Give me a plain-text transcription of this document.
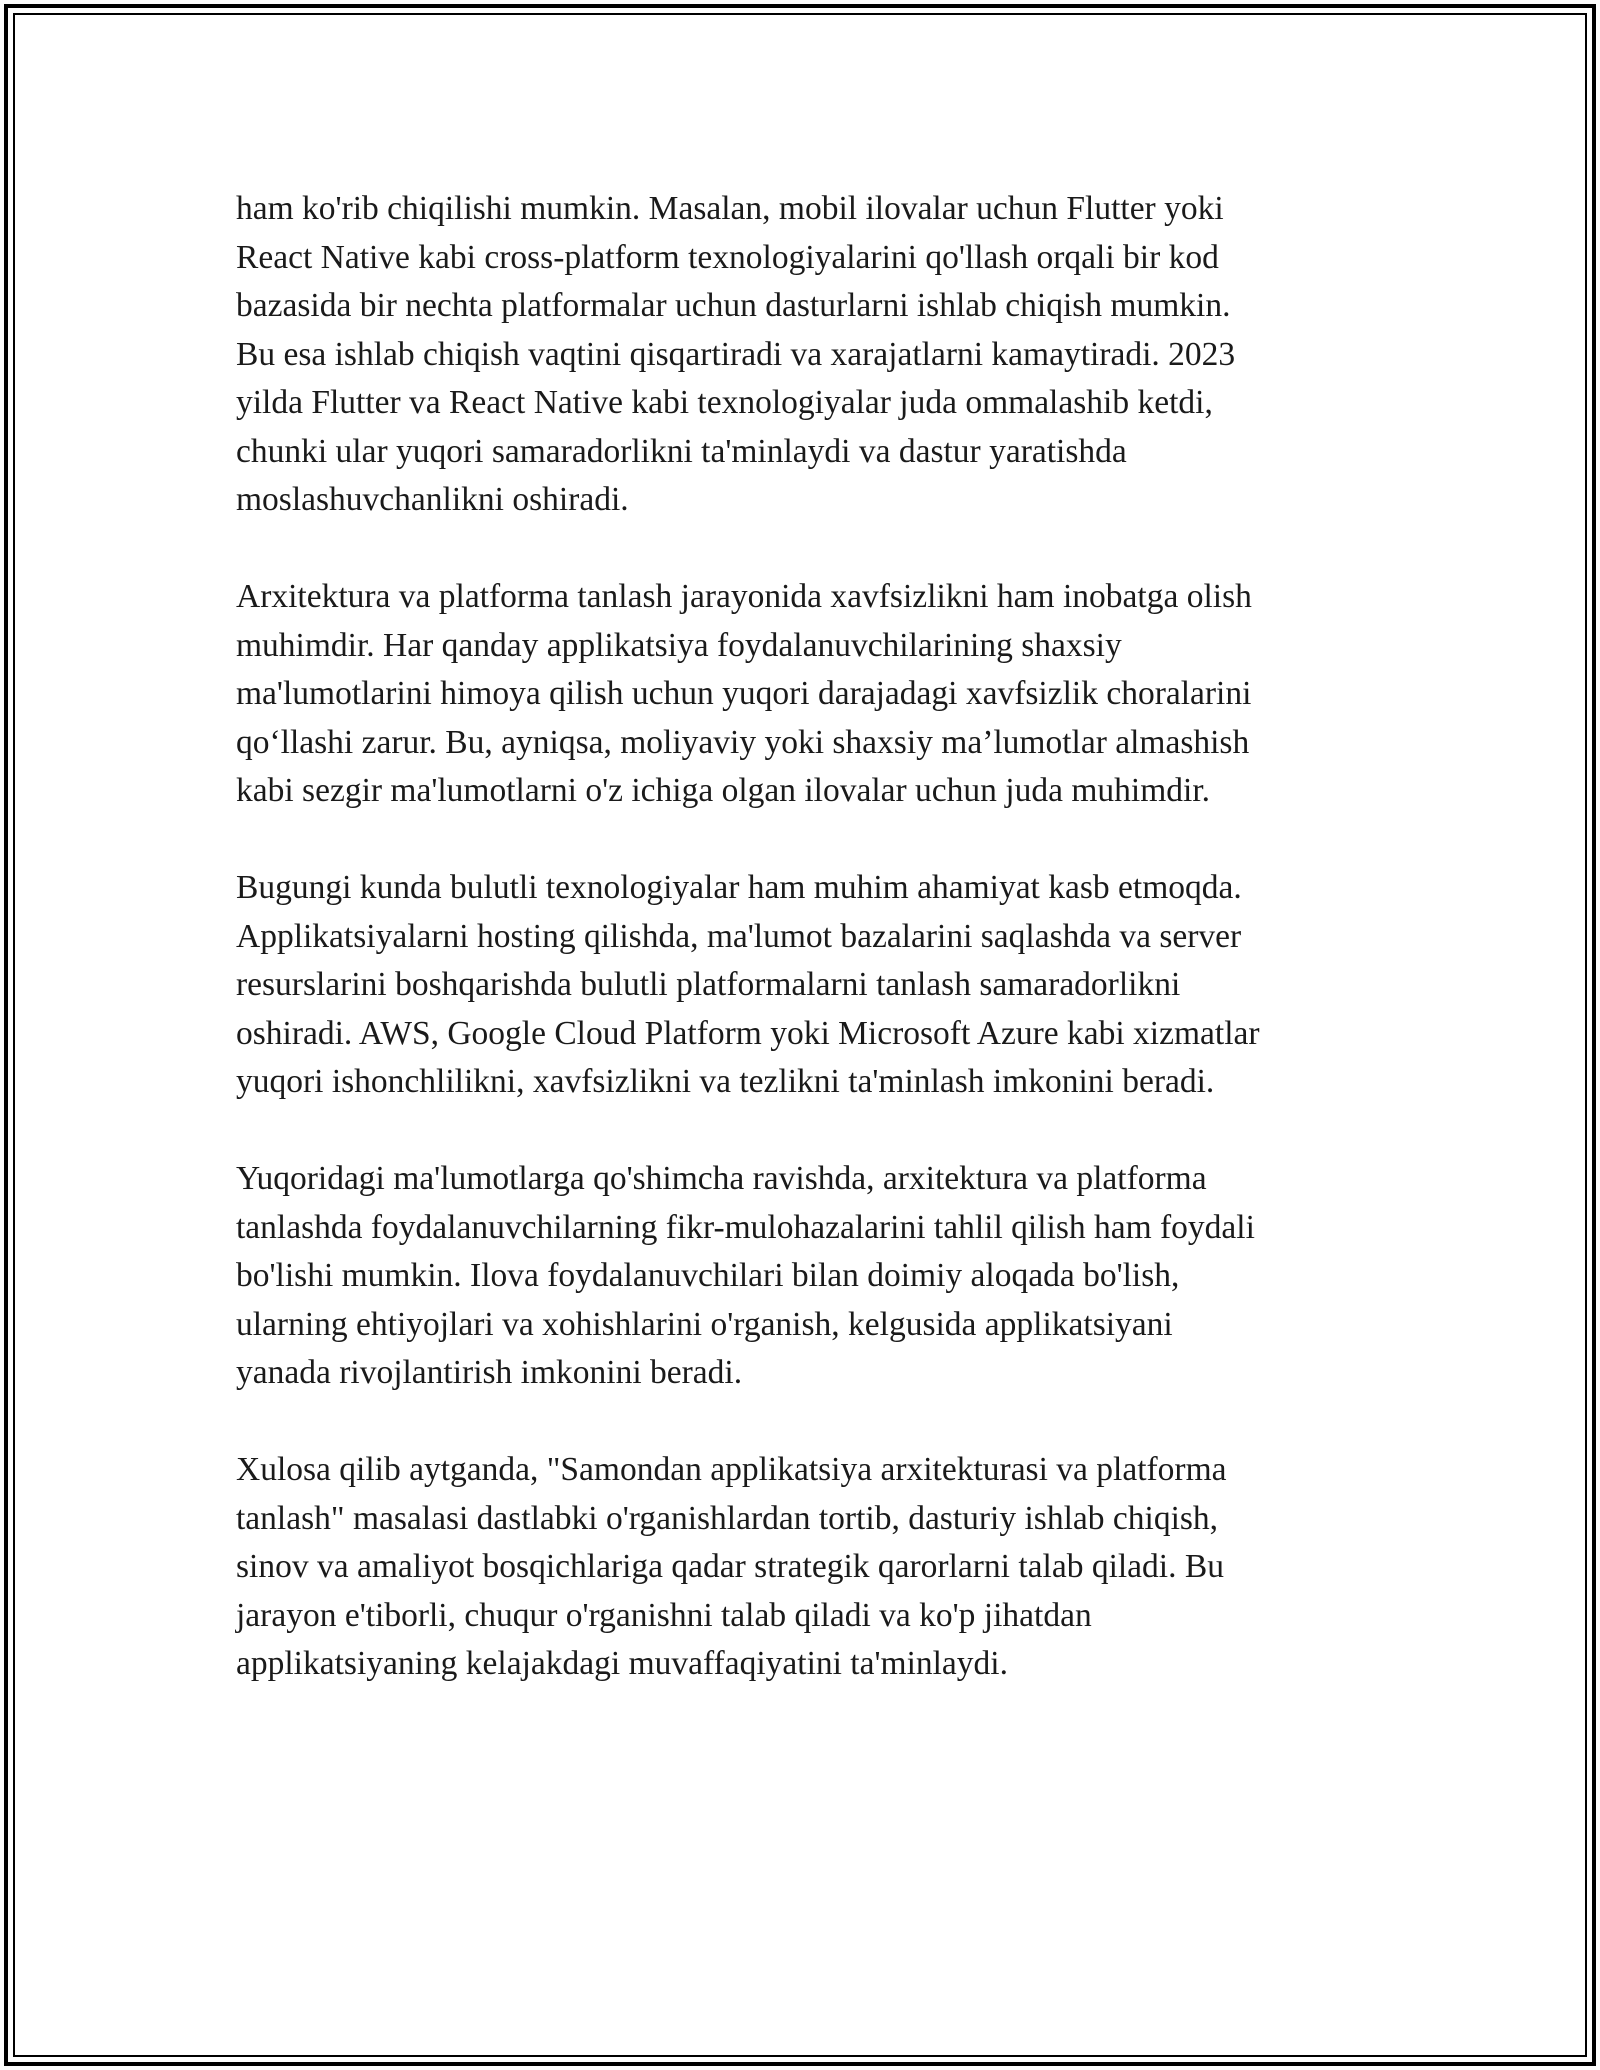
ham ko'rib chiqilishi mumkin. Masalan, mobil ilovalar uchun Flutter yoki
React Native kabi cross-platform texnologiyalarini qo'llash orqali bir kod
bazasida bir nechta platformalar uchun dasturlarni ishlab chiqish mumkin.
Bu esa ishlab chiqish vaqtini qisqartiradi va xarajatlarni kamaytiradi. 2023
yilda Flutter va React Native kabi texnologiyalar juda ommalashib ketdi,
chunki ular yuqori samaradorlikni ta'minlaydi va dastur yaratishda
moslashuvchanlikni oshiradi.

Arxitektura va platforma tanlash jarayonida xavfsizlikni ham inobatga olish
muhimdir. Har qanday applikatsiya foydalanuvchilarining shaxsiy
ma'lumotlarini himoya qilish uchun yuqori darajadagi xavfsizlik choralarini
qo‘llashi zarur. Bu, ayniqsa, moliyaviy yoki shaxsiy ma’lumotlar almashish
kabi sezgir ma'lumotlarni o'z ichiga olgan ilovalar uchun juda muhimdir.

Bugungi kunda bulutli texnologiyalar ham muhim ahamiyat kasb etmoqda.
Applikatsiyalarni hosting qilishda, ma'lumot bazalarini saqlashda va server
resurslarini boshqarishda bulutli platformalarni tanlash samaradorlikni
oshiradi. AWS, Google Cloud Platform yoki Microsoft Azure kabi xizmatlar
yuqori ishonchlilikni, xavfsizlikni va tezlikni ta'minlash imkonini beradi.

Yuqoridagi ma'lumotlarga qo'shimcha ravishda, arxitektura va platforma
tanlashda foydalanuvchilarning fikr-mulohazalarini tahlil qilish ham foydali
bo'lishi mumkin. Ilova foydalanuvchilari bilan doimiy aloqada bo'lish,
ularning ehtiyojlari va xohishlarini o'rganish, kelgusida applikatsiyani
yanada rivojlantirish imkonini beradi.

Xulosa qilib aytganda, "Samondan applikatsiya arxitekturasi va platforma
tanlash" masalasi dastlabki o'rganishlardan tortib, dasturiy ishlab chiqish,
sinov va amaliyot bosqichlariga qadar strategik qarorlarni talab qiladi. Bu
jarayon e'tiborli, chuqur o'rganishni talab qiladi va ko'p jihatdan
applikatsiyaning kelajakdagi muvaffaqiyatini ta'minlaydi.
